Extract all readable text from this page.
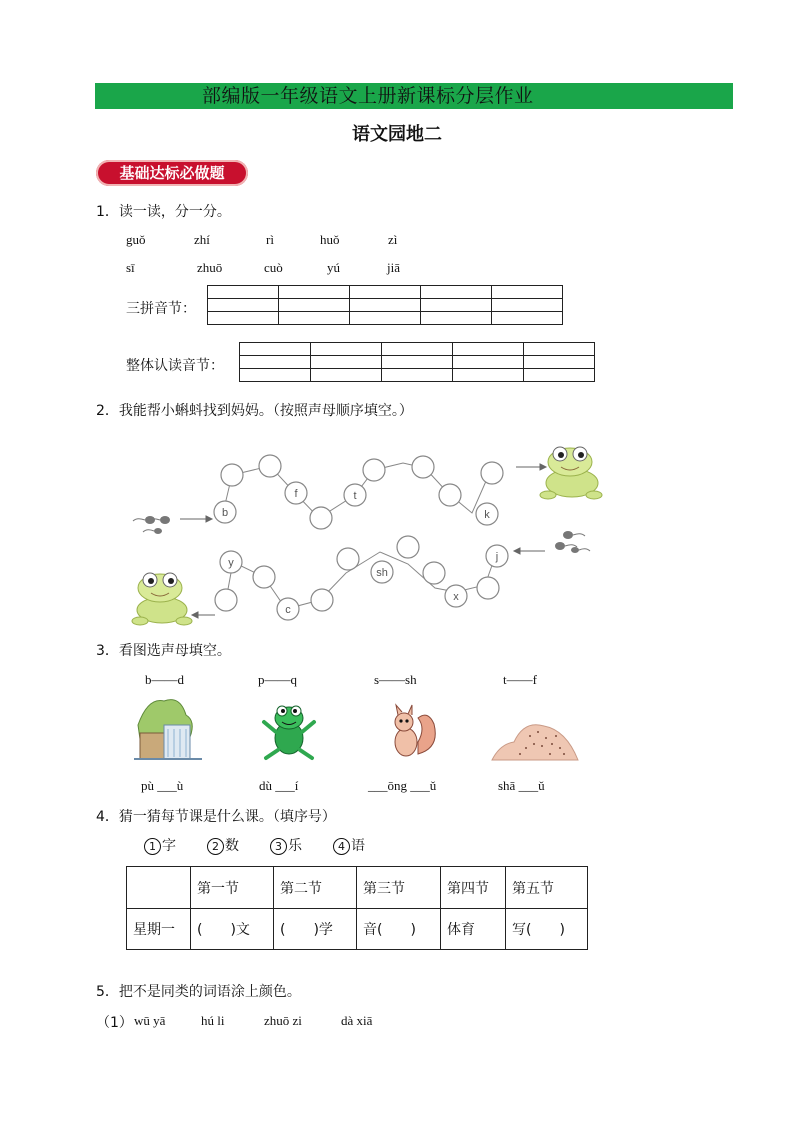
部编版一年级语文上册新课标分层作业
语文园地二
基础达标必做题
1．读一读，分一分。
guǒ	zhí	rì	huǒ	zì
sī	zhuō	cuò	yú	jiā
三拼音节：

整体认读音节：

2．我能帮小蝌蚪找到妈妈。（按照声母顺序填空。）
b
f	t
k
y
c
sh
x
j
3．看图选声母填空。
b——d	p——q	s——sh	t——f
pù ___ù	dù ___í	___ōng ___ǔ	shā ___ǔ
4．猜一猜每节课是什么课。（填序号）
1 字	2 数	3 乐	4 语
	第一节	第二节	第三节	第四节	第五节
星期一	(　　)文	(　　)学	音(　　)	体育	写(　　)
5．把不是同类的词语涂上颜色。
（1） wū yā	hú li	zhuō zi	dà xiā
